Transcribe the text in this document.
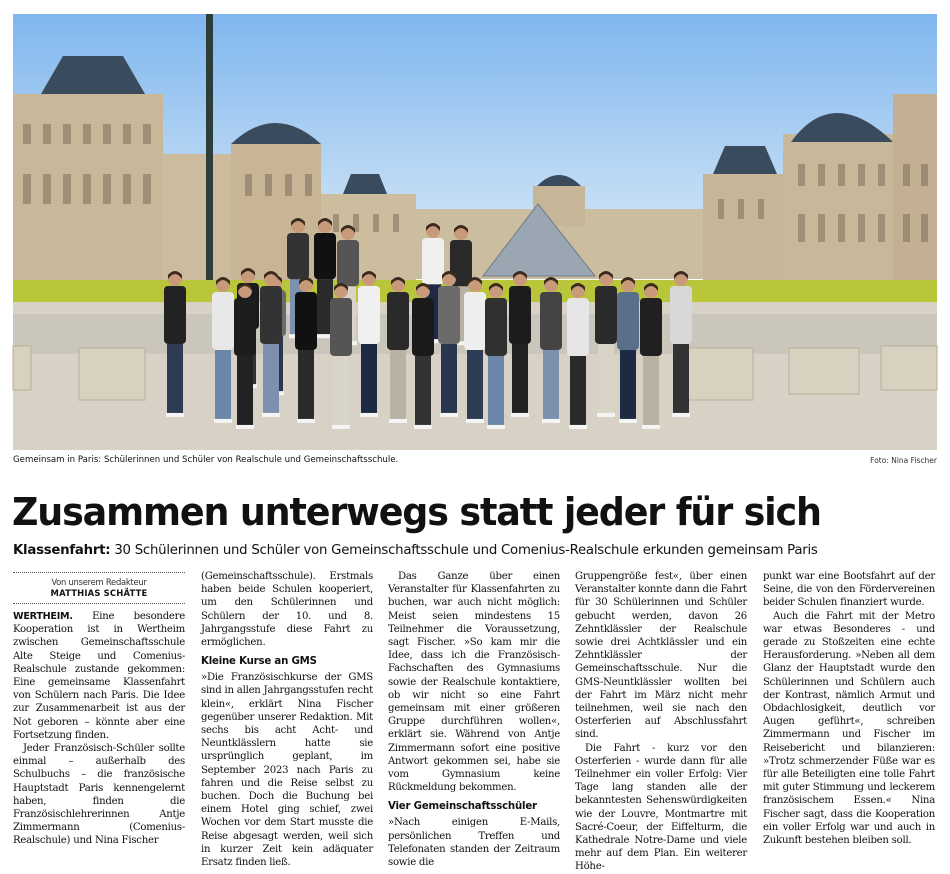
Gemeinsam in Paris: Schülerinnen und Schüler von Realschule und Gemeinschaftsschule.	Foto: Nina Fischer
Zusammen unterwegs statt jeder für sich
Klassenfahrt: 30 Schülerinnen und Schüler von Gemeinschaftsschule und Comenius-Realschule erkunden gemeinsam Paris
Von unserem Redakteur
MATTHIAS SCHÄTTE

WERTHEIM. Eine besondere Kooperation ist in Wertheim zwischen Gemeinschaftsschule Alte Steige und Comenius-Realschule zustande gekommen: Eine gemeinsame Klassenfahrt von Schülern nach Paris. Die Idee zur Zusammenarbeit ist aus der Not geboren – könnte aber eine Fortsetzung finden.

Jeder Französisch-Schüler sollte einmal – außerhalb des Schulbuchs – die französische Hauptstadt Paris kennengelernt haben, finden die Französischlehrerinnen Antje Zimmermann (Comenius-Realschule) und Nina Fischer

(Gemeinschaftsschule). Erstmals haben beide Schulen kooperiert, um den Schülerinnen und Schülern der 10. und 8. Jahrgangsstufe diese Fahrt zu ermöglichen.

Kleine Kurse an GMS

»Die Französischkurse der GMS sind in allen Jahrgangsstufen recht klein«, erklärt Nina Fischer gegenüber unserer Redaktion. Mit sechs bis acht Acht- und Neuntklässlern hatte sie ursprünglich geplant, im September 2023 nach Paris zu fahren und die Reise selbst zu buchen. Doch die Buchung bei einem Hotel ging schief, zwei Wochen vor dem Start musste die Reise abgesagt werden, weil sich in kurzer Zeit kein adäquater Ersatz finden ließ.

Das Ganze über einen Veranstalter für Klassenfahrten zu buchen, war auch nicht möglich: Meist seien mindestens 15 Teilnehmer die Voraussetzung, sagt Fischer. »So kam mir die Idee, dass ich die Französisch-Fachschaften des Gymnasiums sowie der Realschule kontaktiere, ob wir nicht so eine Fahrt gemeinsam mit einer größeren Gruppe durchführen wollen«, erklärt sie. Während von Antje Zimmermann sofort eine positive Antwort gekommen sei, habe sie vom Gymnasium keine Rückmeldung bekommen.

Vier Gemeinschaftsschüler

»Nach einigen E-Mails, persönlichen Treffen und Telefonaten standen der Zeitraum sowie die

Gruppengröße fest«, über einen Veranstalter konnte dann die Fahrt für 30 Schülerinnen und Schüler gebucht werden, davon 26 Zehntklässler der Realschule sowie drei Achtklässler und ein Zehntklässler der Gemeinschaftsschule. Nur die GMS-Neuntklässler wollten bei der Fahrt im März nicht mehr teilnehmen, weil sie nach den Osterferien auf Abschlussfahrt sind.

Die Fahrt - kurz vor den Osterferien - wurde dann für alle Teilnehmer ein voller Erfolg: Vier Tage lang standen alle der bekanntesten Sehenswürdigkeiten wie der Louvre, Montmartre mit Sacré-Coeur, der Eiffelturm, die Kathedrale Notre-Dame und viele mehr auf dem Plan. Ein weiterer Höhe-

punkt war eine Bootsfahrt auf der Seine, die von den Fördervereinen beider Schulen finanziert wurde.

Auch die Fahrt mit der Metro war etwas Besonderes - und gerade zu Stoßzeiten eine echte Herausforderung. »Neben all dem Glanz der Hauptstadt wurde den Schülerinnen und Schülern auch der Kontrast, nämlich Armut und Obdachlosigkeit, deutlich vor Augen geführt«, schreiben Zimmermann und Fischer im Reisebericht und bilanzieren: »Trotz schmerzender Füße war es für alle Beteiligten eine tolle Fahrt mit guter Stimmung und leckerem französischem Essen.« Nina Fischer sagt, dass die Kooperation ein voller Erfolg war und auch in Zukunft bestehen bleiben soll.
